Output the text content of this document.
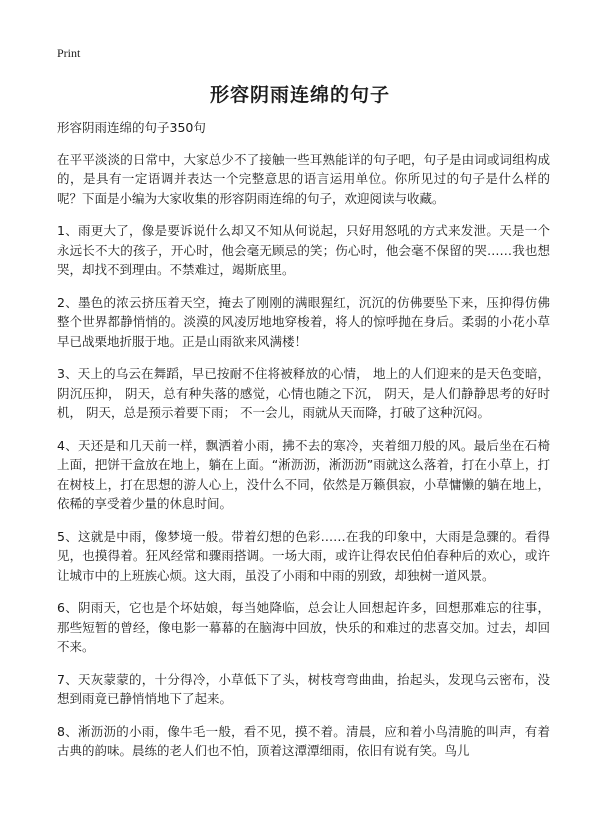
Print
形容阴雨连绵的句子

形容阴雨连绵的句子350句

在平平淡淡的日常中，大家总少不了接触一些耳熟能详的句子吧，句子是由词或词组构成的，是具有一定语调并表达一个完整意思的语言运用单位。你所见过的句子是什么样的呢？下面是小编为大家收集的形容阴雨连绵的句子，欢迎阅读与收藏。

1、雨更大了，像是要诉说什么却又不知从何说起，只好用怒吼的方式来发泄。天是一个永远长不大的孩子，开心时，他会毫无顾忌的笑；伤心时，他会毫不保留的哭……我也想哭，却找不到理由。不禁难过，竭斯底里。

2、墨色的浓云挤压着天空，掩去了刚刚的满眼猩红，沉沉的仿佛要坠下来，压抑得仿佛整个世界都静悄悄的。淡漠的风凌厉地地穿梭着，将人的惊呼抛在身后。柔弱的小花小草早已战栗地折服于地。正是山雨欲来风满楼！

3、天上的乌云在舞蹈，早已按耐不住将被释放的心情， 地上的人们迎来的是天色变暗，阴沉压抑， 阴天，总有种失落的感觉，心情也随之下沉， 阴天，是人们静静思考的好时机， 阴天，总是预示着要下雨； 不一会儿，雨就从天而降，打破了这种沉闷。

4、天还是和几天前一样，飘洒着小雨，拂不去的寒冷，夹着细刀般的风。最后坐在石椅上面，把饼干盒放在地上，躺在上面。“淅沥沥，淅沥沥”雨就这么落着，打在小草上，打在树枝上，打在思想的游人心上，没什么不同，依然是万籁俱寂，小草慵懒的躺在地上，依稀的享受着少量的休息时间。

5、这就是中雨，像梦境一般。带着幻想的色彩……在我的印象中，大雨是急骤的。看得见，也摸得着。狂风经常和骤雨搭调。一场大雨，或许让得农民伯伯春种后的欢心，或许让城市中的上班族心烦。这大雨，虽没了小雨和中雨的别致，却独树一道风景。

6、阴雨天，它也是个坏姑娘，每当她降临，总会让人回想起许多，回想那难忘的往事，那些短暂的曾经，像电影一幕幕的在脑海中回放，快乐的和难过的悲喜交加。过去，却回不来。

7、天灰蒙蒙的，十分得冷，小草低下了头，树枝弯弯曲曲，抬起头，发现乌云密布，没想到雨竟已静悄悄地下了起来。

8、淅沥沥的小雨，像牛毛一般，看不见，摸不着。清晨，应和着小鸟清脆的叫声，有着古典的韵味。晨练的老人们也不怕，顶着这潭潭细雨，依旧有说有笑。鸟儿
